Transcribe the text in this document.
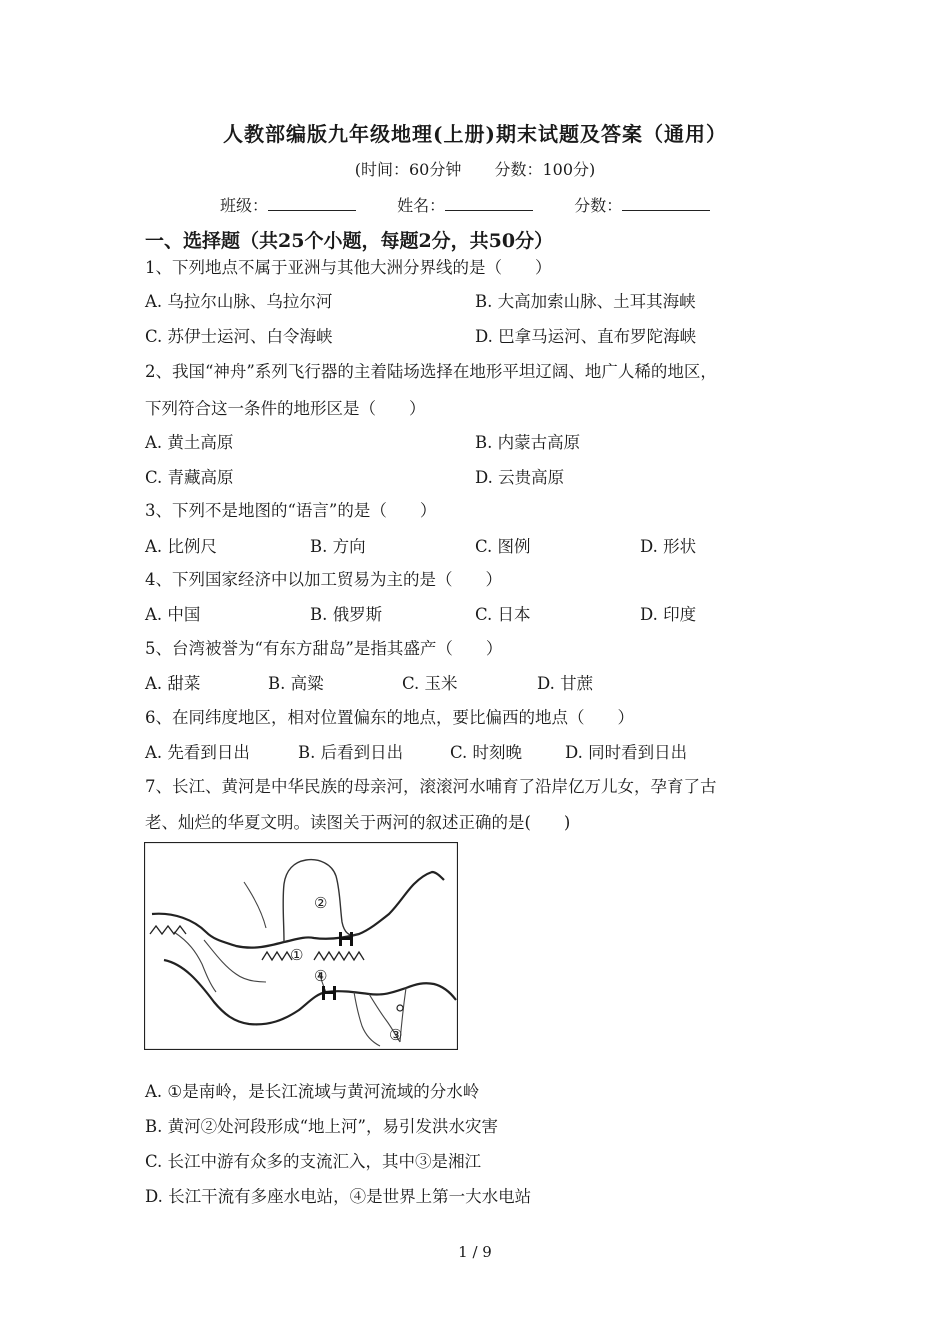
人教部编版九年级地理(上册)期末试题及答案（通用）
(时间：60分钟 分数：100分)
班级：	姓名：	分数：
一、选择题（共25个小题，每题2分，共50分）
1、下列地点不属于亚洲与其他大洲分界线的是（　　）
A. 乌拉尔山脉、乌拉尔河	B. 大高加索山脉、土耳其海峡
C. 苏伊士运河、白令海峡	D. 巴拿马运河、直布罗陀海峡
2、我国“神舟”系列飞行器的主着陆场选择在地形平坦辽阔、地广人稀的地区，
下列符合这一条件的地形区是（　　）
A. 黄土高原	B. 内蒙古高原
C. 青藏高原	D. 云贵高原
3、下列不是地图的“语言”的是（　　）
A. 比例尺	B. 方向	C. 图例	D. 形状
4、下列国家经济中以加工贸易为主的是（　　）
A. 中国	B. 俄罗斯	C. 日本	D. 印度
5、台湾被誉为“有东方甜岛”是指其盛产（　　）
A. 甜菜	B. 高粱	C. 玉米	D. 甘蔗
6、在同纬度地区，相对位置偏东的地点，要比偏西的地点（　　）
A. 先看到日出	B. 后看到日出	C. 时刻晚	D. 同时看到日出
7、长江、黄河是中华民族的母亲河，滚滚河水哺育了沿岸亿万儿女，孕育了古
老、灿烂的华夏文明。读图关于两河的叙述正确的是(　　)
①
②
③
④
A. ①是南岭，是长江流域与黄河流域的分水岭
B. 黄河②处河段形成“地上河”，易引发洪水灾害
C. 长江中游有众多的支流汇入，其中③是湘江
D. 长江干流有多座水电站，④是世界上第一大水电站
1 / 9
